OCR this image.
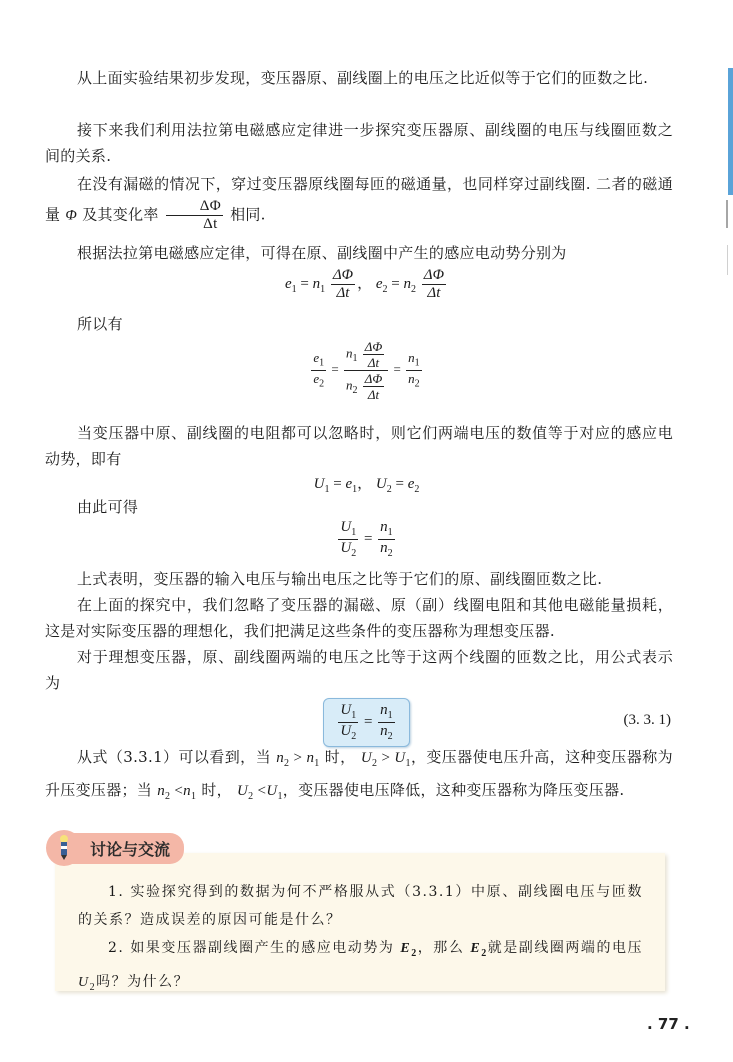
从上面实验结果初步发现，变压器原、副线圈上的电压之比近似等于它们的匝数之比.
接下来我们利用法拉第电磁感应定律进一步探究变压器原、副线圈的电压与线圈匝数之间的关系.
在没有漏磁的情况下，穿过变压器原线圈每匝的磁通量，也同样穿过副线圈. 二者的磁通量 Φ 及其变化率 $\frac{\Delta\Phi}{\Delta t}$ 相同.
根据法拉第电磁感应定律，可得在原、副线圈中产生的感应电动势分别为
$e_1 = n_1 \frac{\Delta\Phi}{\Delta t}$ ， $e_2 = n_2 \frac{\Delta\Phi}{\Delta t}$
所以有
$\frac{e_1}{e_2} = \frac{n_1 \frac{\Delta\Phi}{\Delta t}}{n_2 \frac{\Delta\Phi}{\Delta t}} = \frac{n_1}{n_2}$
当变压器中原、副线圈的电阻都可以忽略时，则它们两端电压的数值等于对应的感应电动势，即有
$U_1 = e_1$， $U_2 = e_2$
由此可得
$\frac{U_1}{U_2} = \frac{n_1}{n_2}$
上式表明，变压器的输入电压与输出电压之比等于它们的原、副线圈匝数之比.
在上面的探究中，我们忽略了变压器的漏磁、原（副）线圈电阻和其他电磁能量损耗，这是对实际变压器的理想化，我们把满足这些条件的变压器称为理想变压器.
对于理想变压器，原、副线圈两端的电压之比等于这两个线圈的匝数之比，用公式表示为
$\frac{U_1}{U_2} = \frac{n_1}{n_2}$	(3. 3. 1)
从式（3.3.1）可以看到，当 $n_2 > n_1$ 时， $U_2 > U_1$，变压器使电压升高，这种变压器称为升压变压器；当 $n_2 <n_1$ 时， $U_2 <U_1$，变压器使电压降低，这种变压器称为降压变压器.
讨论与交流
1. 实验探究得到的数据为何不严格服从式（3.3.1）中原、副线圈电压与匝数的关系？造成误差的原因可能是什么？
2. 如果变压器副线圈产生的感应电动势为 $E_2$，那么 $E_2$就是副线圈两端的电压 $U_2$吗？为什么？
. 77 .
